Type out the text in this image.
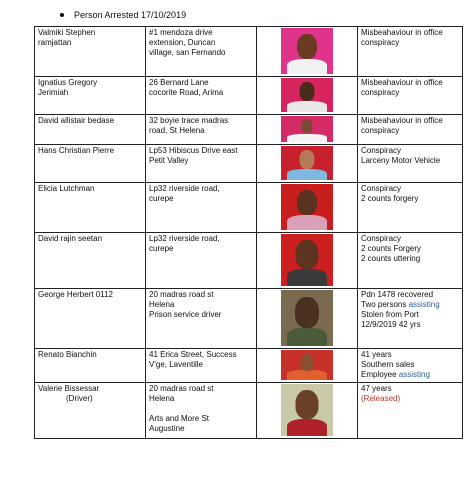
Person Arrested 17/10/2019
Valmiki Stephen
ramjattan	#1 mendoza drive
extension, Duncan
village, san Fernando		Misbeahaviour in office
conspiracy

Ignatius Gregory
Jerimiah	26 Bernard Lane
cocorite Road, Arima		Misbeahaviour in office
conspiracy

David allistair bedase	32 boyie trace madras
road, St Helena		Misbeahaviour in office
conspiracy

Hans Christian Pierre	Lp53 Hibiscus Drive east
Petit Valley		Conspiracy
Larceny Motor Vehicle

Elicia Lutchman	Lp32 riverside road,
curepe		Conspiracy
2 counts forgery

David rajin seetan	Lp32 riverside road,
curepe		Conspiracy
2 counts Forgery
2 counts uttering

George Herbert 0112	20 madras road st
Helena
Prison service driver		Pdn 1478 recovered
Two persons assisting
Stolen from Port
12/9/2019 42 yrs

Renato Bianchin	41 Erica Street, Success
V'ge, Laventille		41 years
Southern sales
Employee assisting

Valerie Bissessar
(Driver)	20 madras road st
Helena
Arts and More St
Augustine		47 years
(Released)
